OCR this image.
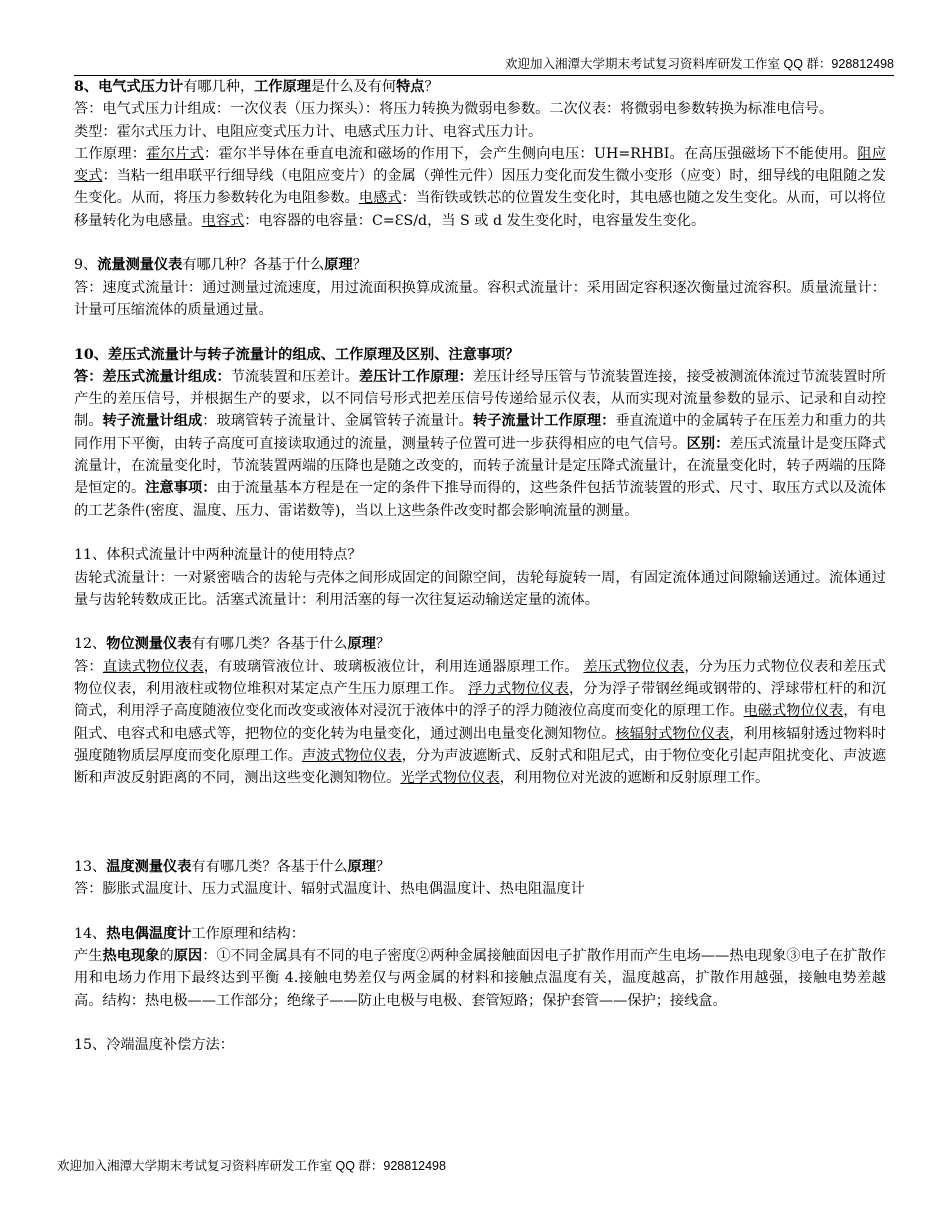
欢迎加入湘潭大学期末考试复习资料库研发工作室 QQ 群：928812498

8、电气式压力计有哪几种，工作原理是什么及有何特点？

答：电气式压力计组成：一次仪表（压力探头）：将压力转换为微弱电参数。二次仪表：将微弱电参数转换为标准电信号。

类型：霍尔式压力计、电阻应变式压力计、电感式压力计、电容式压力计。

工作原理：霍尔片式：霍尔半导体在垂直电流和磁场的作用下，会产生侧向电压：UH=RHBI。在高压强磁场下不能使用。阻应变式：当粘一组串联平行细导线（电阻应变片）的金属（弹性元件）因压力变化而发生微小变形（应变）时，细导线的电阻随之发生变化。从而，将压力参数转化为电阻参数。电感式：当衔铁或铁芯的位置发生变化时，其电感也随之发生变化。从而，可以将位移量转化为电感量。电容式：电容器的电容量：C=ƐS/d，当 S 或 d 发生变化时，电容量发生变化。

9、流量测量仪表有哪几种？各基于什么原理？

答：速度式流量计：通过测量过流速度，用过流面积换算成流量。容积式流量计：采用固定容积逐次衡量过流容积。质量流量计：计量可压缩流体的质量通过量。

10、差压式流量计与转子流量计的组成、工作原理及区别、注意事项？

答：差压式流量计组成：节流装置和压差计。差压计工作原理：差压计经导压管与节流装置连接，接受被测流体流过节流装置时所产生的差压信号，并根据生产的要求，以不同信号形式把差压信号传递给显示仪表，从而实现对流量参数的显示、记录和自动控制。转子流量计组成：玻璃管转子流量计、金属管转子流量计。转子流量计工作原理：垂直流道中的金属转子在压差力和重力的共同作用下平衡，由转子高度可直接读取通过的流量，测量转子位置可进一步获得相应的电气信号。区别：差压式流量计是变压降式流量计，在流量变化时，节流装置两端的压降也是随之改变的，而转子流量计是定压降式流量计，在流量变化时，转子两端的压降是恒定的。注意事项：由于流量基本方程是在一定的条件下推导而得的，这些条件包括节流装置的形式、尺寸、取压方式以及流体的工艺条件(密度、温度、压力、雷诺数等)，当以上这些条件改变时都会影响流量的测量。

11、体积式流量计中两种流量计的使用特点？

齿轮式流量计：一对紧密啮合的齿轮与壳体之间形成固定的间隙空间，齿轮每旋转一周，有固定流体通过间隙输送通过。流体通过量与齿轮转数成正比。活塞式流量计：利用活塞的每一次往复运动输送定量的流体。

12、物位测量仪表有有哪几类？各基于什么原理？

答：直读式物位仪表，有玻璃管液位计、玻璃板液位计，利用连通器原理工作。 差压式物位仪表，分为压力式物位仪表和差压式物位仪表，利用液柱或物位堆积对某定点产生压力原理工作。 浮力式物位仪表，分为浮子带钢丝绳或钢带的、浮球带杠杆的和沉筒式，利用浮子高度随液位变化而改变或液体对浸沉于液体中的浮子的浮力随液位高度而变化的原理工作。电磁式物位仪表，有电阻式、电容式和电感式等，把物位的变化转为电量变化，通过测出电量变化测知物位。核辐射式物位仪表，利用核辐射透过物料时强度随物质层厚度而变化原理工作。声波式物位仪表，分为声波遮断式、反射式和阻尼式，由于物位变化引起声阻扰变化、声波遮断和声波反射距离的不同，测出这些变化测知物位。光学式物位仪表，利用物位对光波的遮断和反射原理工作。

13、温度测量仪表有有哪几类？各基于什么原理？

答：膨胀式温度计、压力式温度计、辐射式温度计、热电偶温度计、热电阻温度计

14、热电偶温度计工作原理和结构：

产生热电现象的原因：①不同金属具有不同的电子密度②两种金属接触面因电子扩散作用而产生电场——热电现象③电子在扩散作用和电场力作用下最终达到平衡 4.接触电势差仅与两金属的材料和接触点温度有关，温度越高，扩散作用越强，接触电势差越高。结构：热电极——工作部分；绝缘子——防止电极与电极、套管短路；保护套管——保护；接线盒。

15、冷端温度补偿方法：

欢迎加入湘潭大学期末考试复习资料库研发工作室 QQ 群：928812498
